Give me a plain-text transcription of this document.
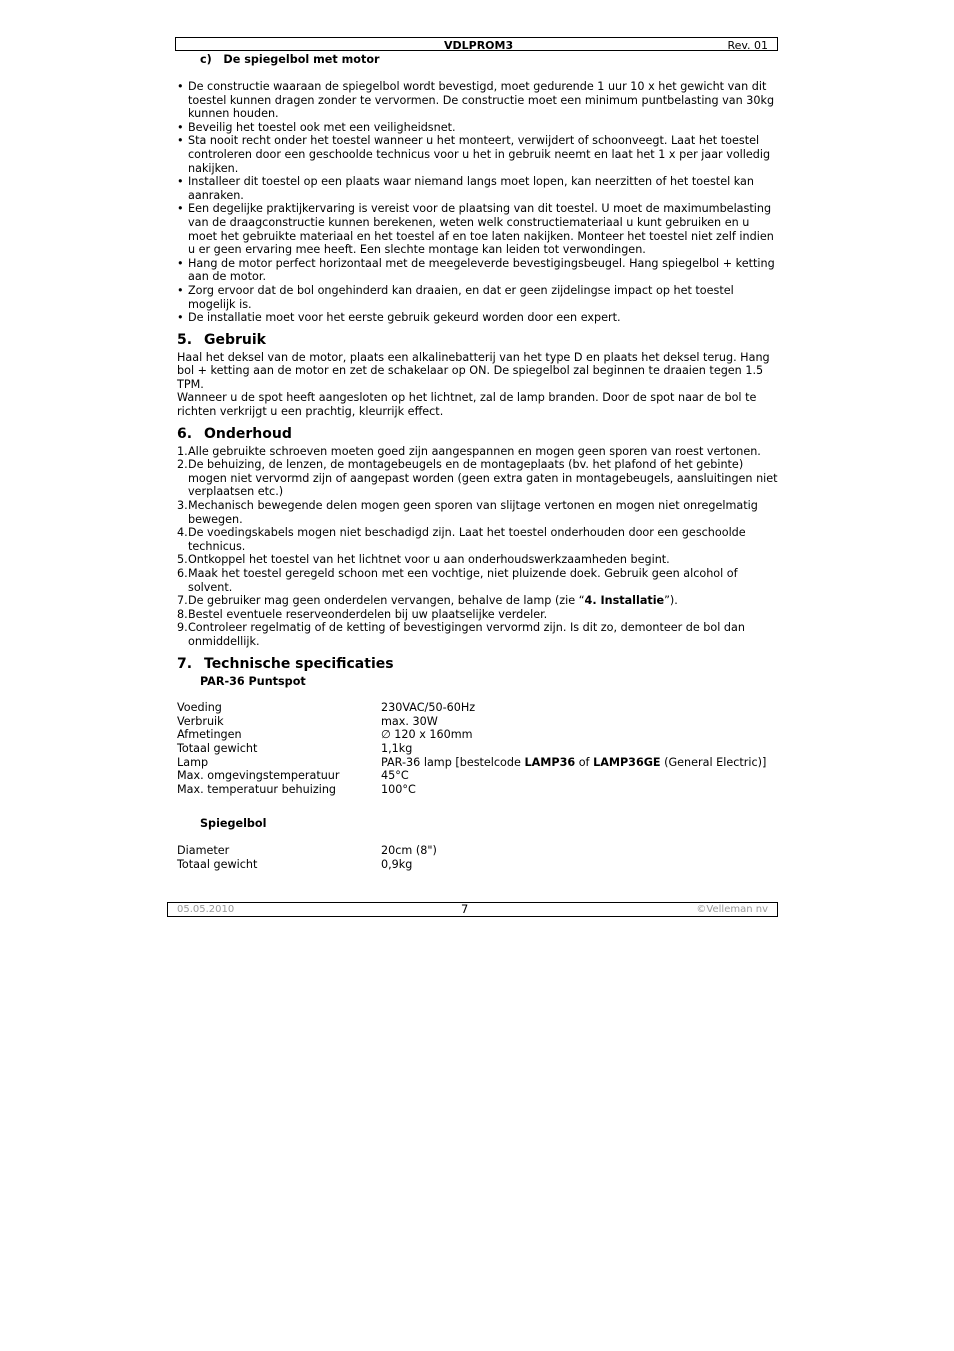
VDLPROM3	Rev. 01
c)   De spiegelbol met motor
• De constructie waaraan de spiegelbol wordt bevestigd, moet gedurende 1 uur 10 x het gewicht van dit toestel kunnen dragen zonder te vervormen. De constructie moet een minimum puntbelasting van 30kg kunnen houden.
• Beveilig het toestel ook met een veiligheidsnet.
• Sta nooit recht onder het toestel wanneer u het monteert, verwijdert of schoonveegt. Laat het toestel controleren door een geschoolde technicus voor u het in gebruik neemt en laat het 1 x per jaar volledig nakijken.
• Installeer dit toestel op een plaats waar niemand langs moet lopen, kan neerzitten of het toestel kan aanraken.
• Een degelijke praktijkervaring is vereist voor de plaatsing van dit toestel. U moet de maximumbelasting van de draagconstructie kunnen berekenen, weten welk constructiemateriaal u kunt gebruiken en u moet het gebruikte materiaal en het toestel af en toe laten nakijken. Monteer het toestel niet zelf indien u er geen ervaring mee heeft. Een slechte montage kan leiden tot verwondingen.
• Hang de motor perfect horizontaal met de meegeleverde bevestigingsbeugel. Hang spiegelbol + ketting aan de motor.
• Zorg ervoor dat de bol ongehinderd kan draaien, en dat er geen zijdelingse impact op het toestel mogelijk is.
• De installatie moet voor het eerste gebruik gekeurd worden door een expert.
5. Gebruik

Haal het deksel van de motor, plaats een alkalinebatterij van het type D en plaats het deksel terug. Hang bol + ketting aan de motor en zet de schakelaar op ON. De spiegelbol zal beginnen te draaien tegen 1.5 TPM.

Wanneer u de spot heeft aangesloten op het lichtnet, zal de lamp branden. Door de spot naar de bol te richten verkrijgt u een prachtig, kleurrijk effect.

6. Onderhoud
1. Alle gebruikte schroeven moeten goed zijn aangespannen en mogen geen sporen van roest vertonen.
2. De behuizing, de lenzen, de montagebeugels en de montageplaats (bv. het plafond of het gebinte) mogen niet vervormd zijn of aangepast worden (geen extra gaten in montagebeugels, aansluitingen niet verplaatsen etc.)
3. Mechanisch bewegende delen mogen geen sporen van slijtage vertonen en mogen niet onregelmatig bewegen.
4. De voedingskabels mogen niet beschadigd zijn. Laat het toestel onderhouden door een geschoolde technicus.
5. Ontkoppel het toestel van het lichtnet voor u aan onderhoudswerkzaamheden begint.
6. Maak het toestel geregeld schoon met een vochtige, niet pluizende doek. Gebruik geen alcohol of solvent.
7. De gebruiker mag geen onderdelen vervangen, behalve de lamp (zie “4. Installatie”).
8. Bestel eventuele reserveonderdelen bij uw plaatselijke verdeler.
9. Controleer regelmatig of de ketting of bevestigingen vervormd zijn. Is dit zo, demonteer de bol dan onmiddellijk.
7. Technische specificaties
PAR-36 Puntspot
Voeding	230VAC/50-60Hz
Verbruik	max. 30W
Afmetingen	∅ 120 x 160mm
Totaal gewicht	1,1kg
Lamp	PAR-36 lamp [bestelcode LAMP36 of LAMP36GE (General Electric)]
Max. omgevingstemperatuur	45°C
Max. temperatuur behuizing	100°C
Spiegelbol
Diameter	20cm (8")
Totaal gewicht	0,9kg
05.05.2010	7	©Velleman nv
